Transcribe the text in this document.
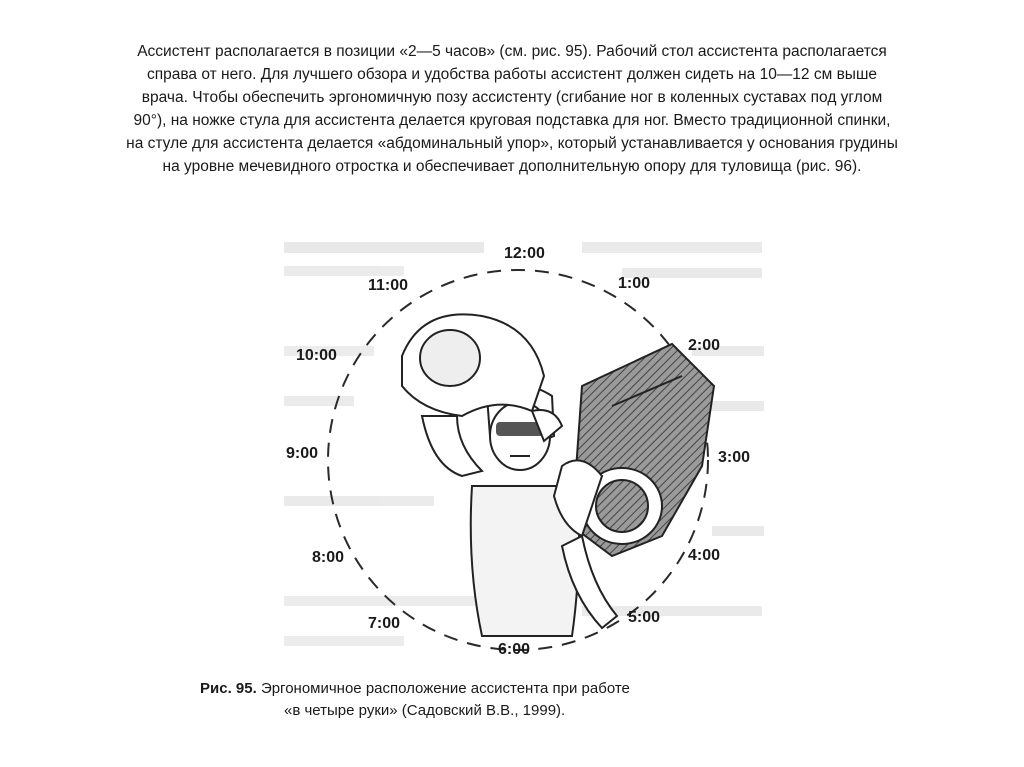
Ассистент располагается в позиции «2—5 часов» (см. рис. 95). Рабочий стол ассистента располагается
справа от него. Для лучшего обзора и удобства работы ассистент должен сидеть на 10—12 см выше
врача. Чтобы обеспечить эргономичную позу ассистенту (сгибание ног в коленных суставах под углом
90°), на ножке стула для ассистента делается круговая подставка для ног. Вместо традиционной спинки,
на стуле для ассистента делается «абдоминальный упор», который устанавливается у основания грудины
на уровне мечевидного отростка и обеспечивает дополнительную опору для туловища (рис. 96).

12:00
1:00
2:00
3:00
4:00
5:00
6:00
7:00
8:00
9:00
10:00
11:00

Рис. 95. Эргономичное расположение ассистента при работе
«в четыре руки» (Садовский В.В., 1999).
